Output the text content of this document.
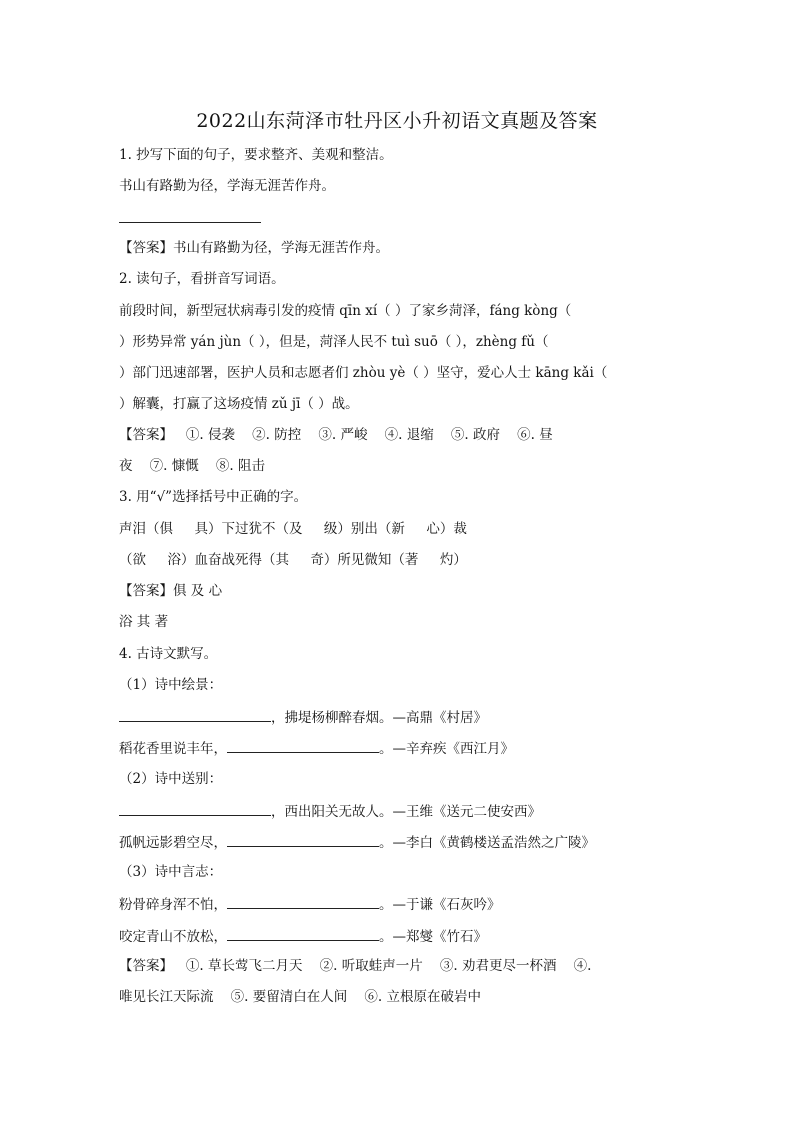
2022山东菏泽市牡丹区小升初语文真题及答案
1. 抄写下面的句子，要求整齐、美观和整洁。
书山有路勤为径，学海无涯苦作舟。
【答案】书山有路勤为径，学海无涯苦作舟。
2. 读句子，看拼音写词语。
前段时间，新型冠状病毒引发的疫情 qīn xí（ ）了家乡菏泽，fáng kòng（
）形势异常 yán jùn（ ），但是，菏泽人民不 tuì suō（ ），zhèng fǔ（
）部门迅速部署，医护人员和志愿者们 zhòu yè（ ）坚守，爱心人士 kāng kǎi（
）解囊，打赢了这场疫情 zǔ jī（ ）战。
【答案】   ①. 侵袭    ②. 防控    ③. 严峻    ④. 退缩    ⑤. 政府    ⑥. 昼
夜    ⑦. 慷慨    ⑧. 阻击
3. 用“√”选择括号中正确的字。
声泪（俱     具）下过犹不（及     级）别出（新     心）裁
（欲     浴）血奋战死得（其     奇）所见微知（著     灼）
【答案】俱 及 心
浴 其 著
4. 古诗文默写。
（1）诗中绘景：
，拂堤杨柳醉春烟。—高鼎《村居》
稻花香里说丰年，	。—辛弃疾《西江月》
（2）诗中送别：
，西出阳关无故人。—王维《送元二使安西》
孤帆远影碧空尽，	。—李白《黄鹤楼送孟浩然之广陵》
（3）诗中言志：
粉骨碎身浑不怕，	。—于谦《石灰吟》
咬定青山不放松，	。—郑燮《竹石》
【答案】   ①. 草长莺飞二月天    ②. 听取蛙声一片    ③. 劝君更尽一杯酒    ④.
唯见长江天际流    ⑤. 要留清白在人间    ⑥. 立根原在破岩中
